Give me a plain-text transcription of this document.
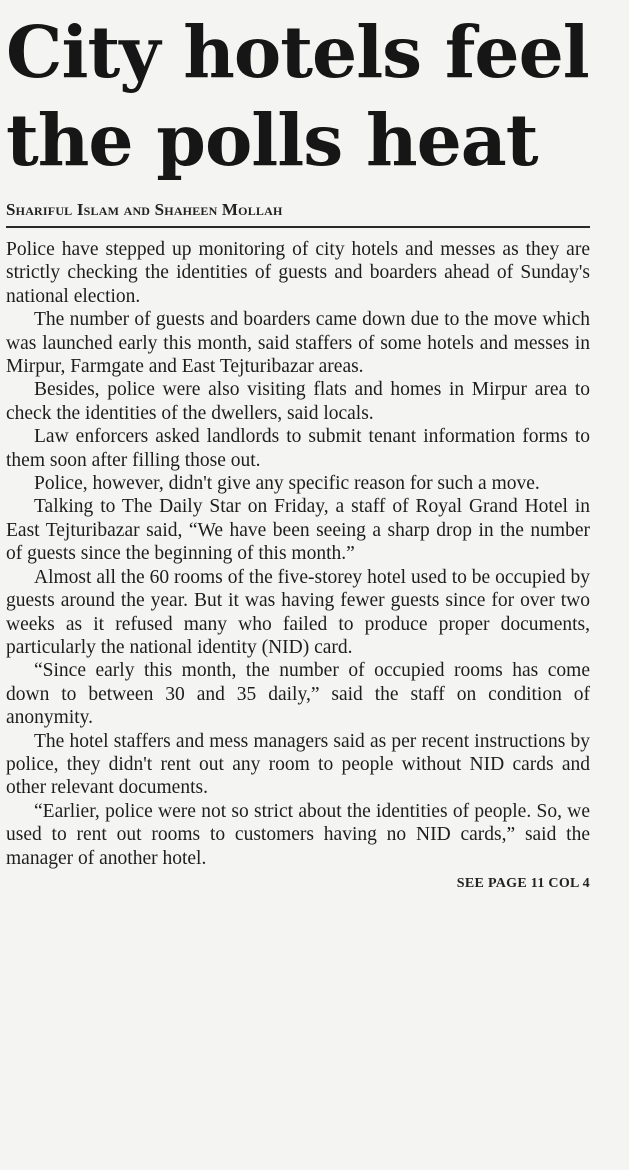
City hotels feel
the polls heat
Shariful Islam and Shaheen Mollah

Police have stepped up monitoring of city hotels and messes as they are strictly checking the identities of guests and boarders ahead of Sunday's national election.

The number of guests and boarders came down due to the move which was launched early this month, said staffers of some hotels and messes in Mirpur, Farmgate and East Tejturibazar areas.

Besides, police were also visiting flats and homes in Mirpur area to check the identities of the dwellers, said locals.

Law enforcers asked landlords to submit tenant information forms to them soon after filling those out.

Police, however, didn't give any specific reason for such a move.

Talking to The Daily Star on Friday, a staff of Royal Grand Hotel in East Tejturibazar said, “We have been seeing a sharp drop in the number of guests since the beginning of this month.”

Almost all the 60 rooms of the five-storey hotel used to be occupied by guests around the year. But it was having fewer guests since for over two weeks as it refused many who failed to produce proper documents, particularly the national identity (NID) card.

“Since early this month, the number of occupied rooms has come down to between 30 and 35 daily,” said the staff on condition of anonymity.

The hotel staffers and mess managers said as per recent instructions by police, they didn't rent out any room to people without NID cards and other relevant documents.

“Earlier, police were not so strict about the identities of people. So, we used to rent out rooms to customers having no NID cards,” said the manager of another hotel.

SEE PAGE 11 COL 4
